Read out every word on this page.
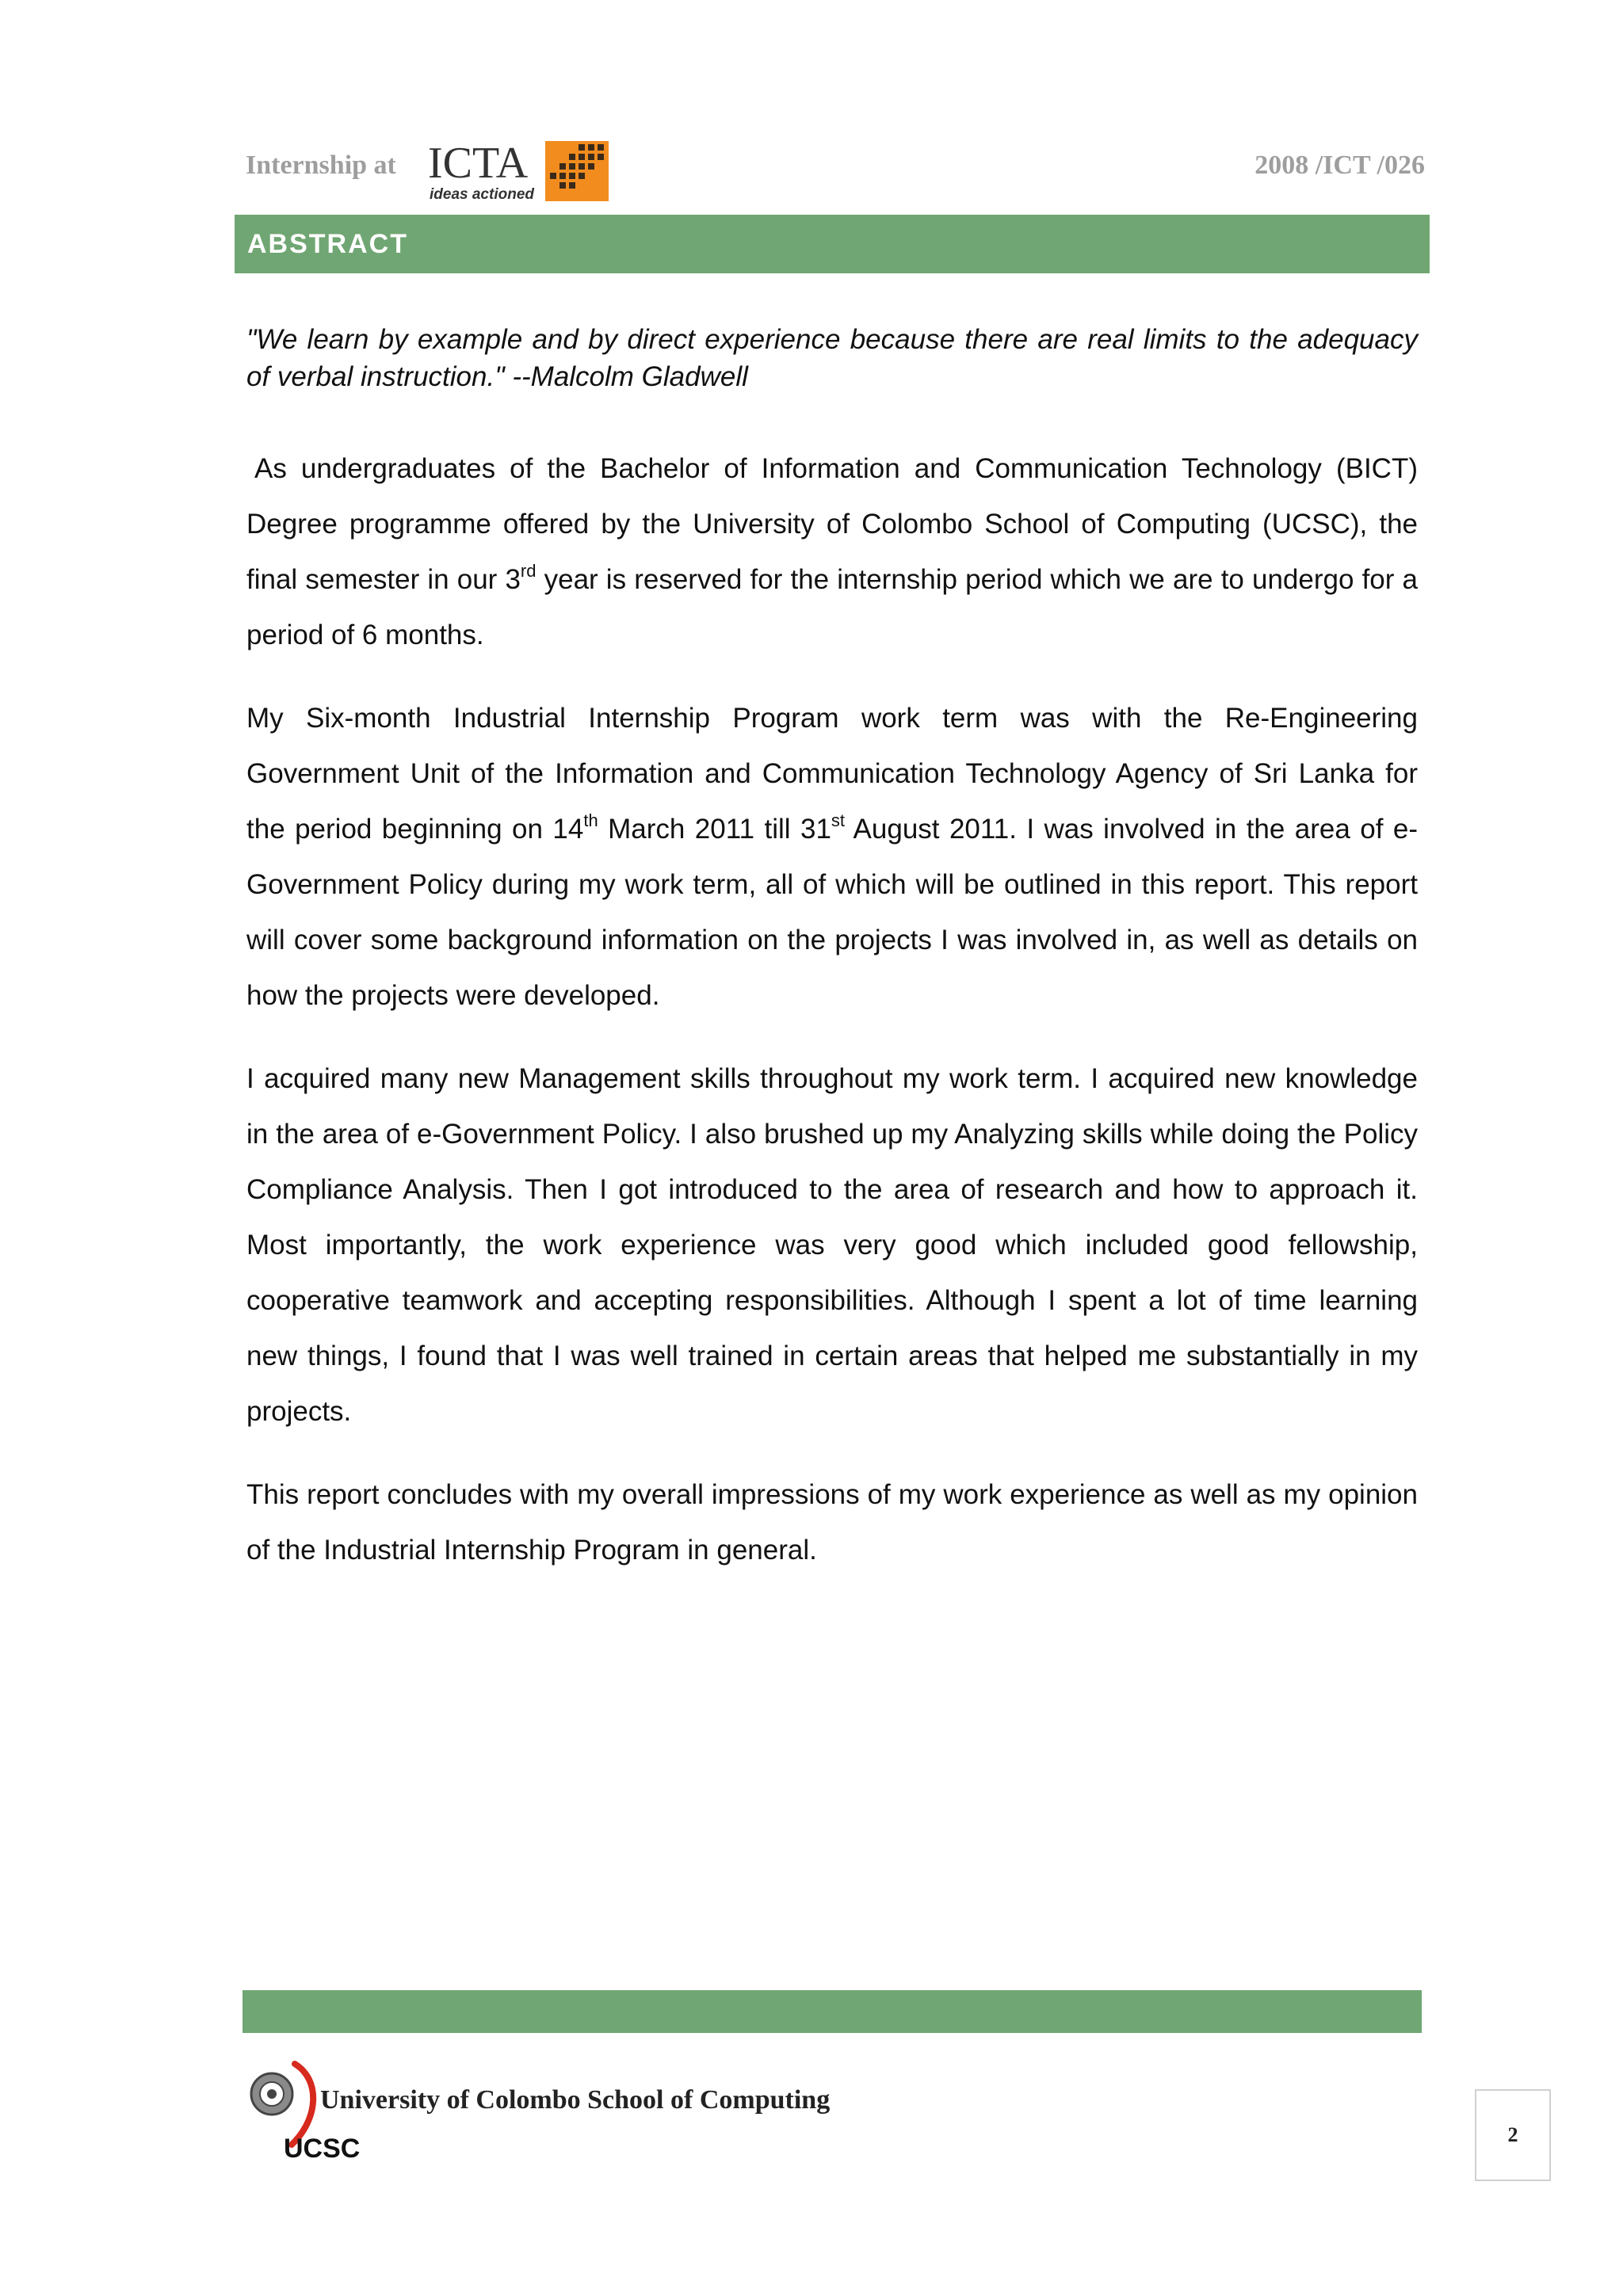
Internship at ICTA
ideas actioned
2008 /ICT /026
ABSTRACT

"We learn by example and by direct experience because there are real limits to the adequacy of verbal instruction." --Malcolm Gladwell

As undergraduates of the Bachelor of Information and Communication Technology (BICT) Degree programme offered by the University of Colombo School of Computing (UCSC), the final semester in our 3rd year is reserved for the internship period which we are to undergo for a period of 6 months.

My Six-month Industrial Internship Program work term was with the Re-Engineering Government Unit of the Information and Communication Technology Agency of Sri Lanka for the period beginning on 14th March 2011 till 31st August 2011. I was involved in the area of e-Government Policy during my work term, all of which will be outlined in this report. This report will cover some background information on the projects I was involved in, as well as details on how the projects were developed.

I acquired many new Management skills throughout my work term. I acquired new knowledge in the area of e-Government Policy. I also brushed up my Analyzing skills while doing the Policy Compliance Analysis. Then I got introduced to the area of research and how to approach it. Most importantly, the work experience was very good which included good fellowship, cooperative teamwork and accepting responsibilities. Although I spent a lot of time learning new things, I found that I was well trained in certain areas that helped me substantially in my projects.

This report concludes with my overall impressions of my work experience as well as my opinion of the Industrial Internship Program in general.

UCSC
University of Colombo School of Computing
2
